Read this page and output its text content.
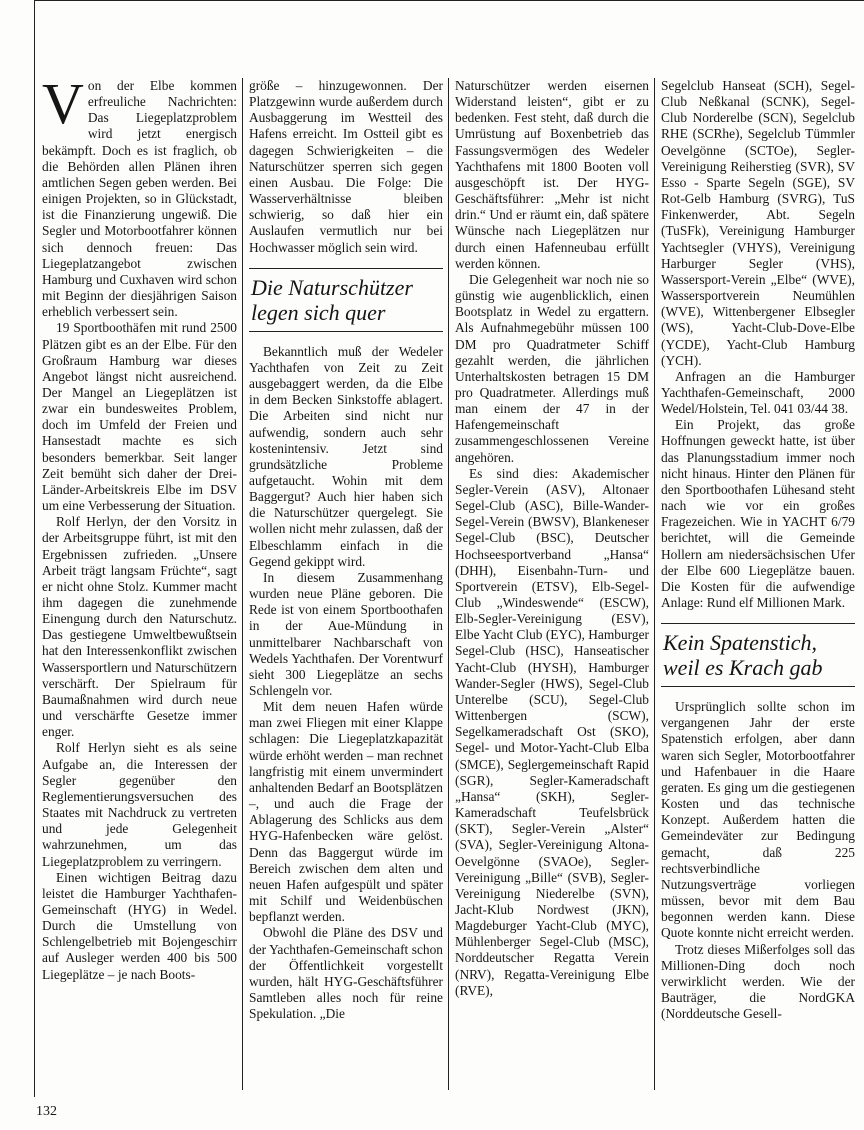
Von der Elbe kommen erfreuliche Nachrichten: Das Liegeplatzproblem wird jetzt energisch bekämpft. Doch es ist fraglich, ob die Behörden allen Plänen ihren amtlichen Segen geben werden. Bei einigen Projekten, so in Glückstadt, ist die Finanzierung ungewiß. Die Segler und Motorbootfahrer können sich dennoch freuen: Das Liegeplatzangebot zwischen Hamburg und Cuxhaven wird schon mit Beginn der diesjährigen Saison erheblich verbessert sein.

19 Sportboothäfen mit rund 2500 Plätzen gibt es an der Elbe. Für den Großraum Hamburg war dieses Angebot längst nicht ausreichend. Der Mangel an Liegeplätzen ist zwar ein bundesweites Problem, doch im Umfeld der Freien und Hansestadt machte es sich besonders bemerkbar. Seit langer Zeit bemüht sich daher der Drei-Länder-Arbeitskreis Elbe im DSV um eine Verbesserung der Situation.

Rolf Herlyn, der den Vorsitz in der Arbeitsgruppe führt, ist mit den Ergebnissen zufrieden. „Unsere Arbeit trägt langsam Früchte“, sagt er nicht ohne Stolz. Kummer macht ihm dagegen die zunehmende Einengung durch den Naturschutz. Das gestiegene Umweltbewußtsein hat den Interessenkonflikt zwischen Wassersportlern und Naturschützern verschärft. Der Spielraum für Baumaßnahmen wird durch neue und verschärfte Gesetze immer enger.

Rolf Herlyn sieht es als seine Aufgabe an, die Interessen der Segler gegenüber den Reglementierungsversuchen des Staates mit Nachdruck zu vertreten und jede Gelegenheit wahrzunehmen, um das Liegeplatzproblem zu verringern.

Einen wichtigen Beitrag dazu leistet die Hamburger Yachthafen-Gemeinschaft (HYG) in Wedel. Durch die Umstellung von Schlengelbetrieb mit Bojengeschirr auf Ausleger werden 400 bis 500 Liegeplätze – je nach Boots-

größe – hinzugewonnen. Der Platzgewinn wurde außerdem durch Ausbaggerung im Westteil des Hafens erreicht. Im Ostteil gibt es dagegen Schwierigkeiten – die Naturschützer sperren sich gegen einen Ausbau. Die Folge: Die Wasserverhältnisse bleiben schwierig, so daß hier ein Auslaufen vermutlich nur bei Hochwasser möglich sein wird.

Die Naturschützer legen sich quer

Bekanntlich muß der Wedeler Yachthafen von Zeit zu Zeit ausgebaggert werden, da die Elbe in dem Becken Sinkstoffe ablagert. Die Arbeiten sind nicht nur aufwendig, sondern auch sehr kostenintensiv. Jetzt sind grundsätzliche Probleme aufgetaucht. Wohin mit dem Baggergut? Auch hier haben sich die Naturschützer quergelegt. Sie wollen nicht mehr zulassen, daß der Elbeschlamm einfach in die Gegend gekippt wird.

In diesem Zusammenhang wurden neue Pläne geboren. Die Rede ist von einem Sportboothafen in der Aue-Mündung in unmittelbarer Nachbarschaft von Wedels Yachthafen. Der Vorentwurf sieht 300 Liegeplätze an sechs Schlengeln vor.

Mit dem neuen Hafen würde man zwei Fliegen mit einer Klappe schlagen: Die Liegeplatzkapazität würde erhöht werden – man rechnet langfristig mit einem unvermindert anhaltenden Bedarf an Bootsplätzen –, und auch die Frage der Ablagerung des Schlicks aus dem HYG-Hafenbecken wäre gelöst. Denn das Baggergut würde im Bereich zwischen dem alten und neuen Hafen aufgespült und später mit Schilf und Weidenbüschen bepflanzt werden.

Obwohl die Pläne des DSV und der Yachthafen-Gemeinschaft schon der Öffentlichkeit vorgestellt wurden, hält HYG-Geschäftsführer Samtleben alles noch für reine Spekulation. „Die

Naturschützer werden eisernen Widerstand leisten“, gibt er zu bedenken. Fest steht, daß durch die Umrüstung auf Boxenbetrieb das Fassungsvermögen des Wedeler Yachthafens mit 1800 Booten voll ausgeschöpft ist. Der HYG-Geschäftsführer: „Mehr ist nicht drin.“ Und er räumt ein, daß spätere Wünsche nach Liegeplätzen nur durch einen Hafenneubau erfüllt werden können.

Die Gelegenheit war noch nie so günstig wie augenblicklich, einen Bootsplatz in Wedel zu ergattern. Als Aufnahmegebühr müssen 100 DM pro Quadratmeter Schiff gezahlt werden, die jährlichen Unterhaltskosten betragen 15 DM pro Quadratmeter. Allerdings muß man einem der 47 in der Hafengemeinschaft zusammengeschlossenen Vereine angehören.

Es sind dies: Akademischer Segler-Verein (ASV), Altonaer Segel-Club (ASC), Bille-Wander-Segel-Verein (BWSV), Blankeneser Segel-Club (BSC), Deutscher Hochseesportverband „Hansa“ (DHH), Eisenbahn-Turn- und Sportverein (ETSV), Elb-Segel-Club „Windeswende“ (ESCW), Elb-Segler-Vereinigung (ESV), Elbe Yacht Club (EYC), Hamburger Segel-Club (HSC), Hanseatischer Yacht-Club (HYSH), Hamburger Wander-Segler (HWS), Segel-Club Unterelbe (SCU), Segel-Club Wittenbergen (SCW), Segelkameradschaft Ost (SKO), Segel- und Motor-Yacht-Club Elba (SMCE), Seglergemeinschaft Rapid (SGR), Segler-Kameradschaft „Hansa“ (SKH), Segler-Kameradschaft Teufelsbrück (SKT), Segler-Verein „Alster“ (SVA), Segler-Vereinigung Altona-Oevelgönne (SVAOe), Segler-Vereinigung „Bille“ (SVB), Segler-Vereinigung Niederelbe (SVN), Jacht-Klub Nordwest (JKN), Magdeburger Yacht-Club (MYC), Mühlenberger Segel-Club (MSC), Norddeutscher Regatta Verein (NRV), Regatta-Vereinigung Elbe (RVE),

Segelclub Hanseat (SCH), Segel-Club Neßkanal (SCNK), Segel-Club Norderelbe (SCN), Segelclub RHE (SCRhe), Segelclub Tümmler Oevelgönne (SCTOe), Segler-Vereinigung Reiherstieg (SVR), SV Esso - Sparte Segeln (SGE), SV Rot-Gelb Hamburg (SVRG), TuS Finkenwerder, Abt. Segeln (TuSFk), Vereinigung Hamburger Yachtsegler (VHYS), Vereinigung Harburger Segler (VHS), Wassersport-Verein „Elbe“ (WVE), Wassersportverein Neumühlen (WVE), Wittenbergener Elbsegler (WS), Yacht-Club-Dove-Elbe (YCDE), Yacht-Club Hamburg (YCH).

Anfragen an die Hamburger Yachthafen-Gemeinschaft, 2000 Wedel/Holstein, Tel. 041 03/44 38.

Ein Projekt, das große Hoffnungen geweckt hatte, ist über das Planungsstadium immer noch nicht hinaus. Hinter den Plänen für den Sportboothafen Lühesand steht nach wie vor ein großes Fragezeichen. Wie in YACHT 6/79 berichtet, will die Gemeinde Hollern am niedersächsischen Ufer der Elbe 600 Liegeplätze bauen. Die Kosten für die aufwendige Anlage: Rund elf Millionen Mark.

Kein Spatenstich, weil es Krach gab

Ursprünglich sollte schon im vergangenen Jahr der erste Spatenstich erfolgen, aber dann waren sich Segler, Motorbootfahrer und Hafenbauer in die Haare geraten. Es ging um die gestiegenen Kosten und das technische Konzept. Außerdem hatten die Gemeindeväter zur Bedingung gemacht, daß 225 rechtsverbindliche Nutzungsverträge vorliegen müssen, bevor mit dem Bau begonnen werden kann. Diese Quote konnte nicht erreicht werden.

Trotz dieses Mißerfolges soll das Millionen-Ding doch noch verwirklicht werden. Wie der Bauträger, die NordGKA (Norddeutsche Gesell-

132
